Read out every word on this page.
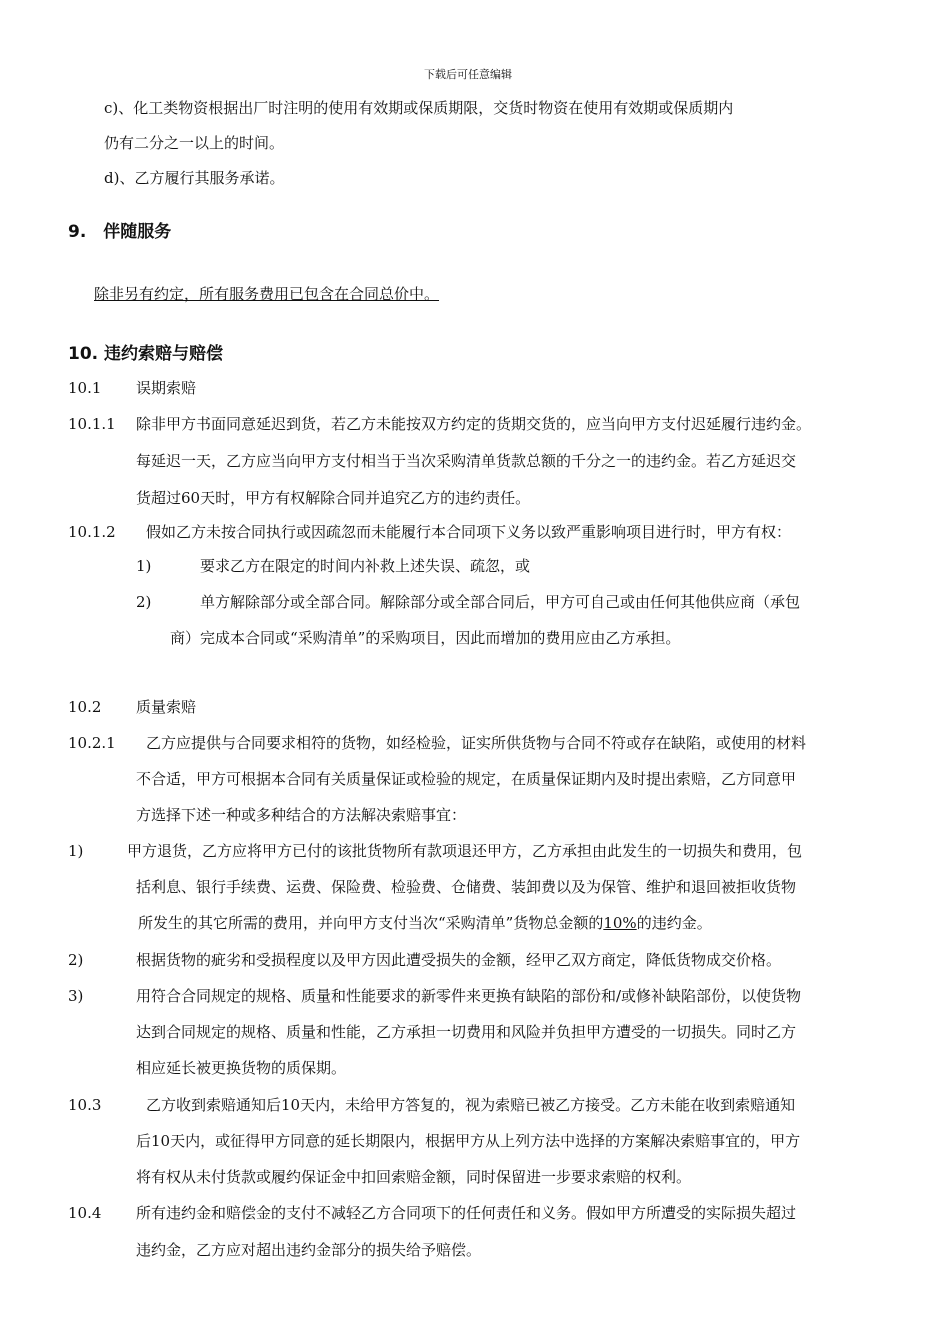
下载后可任意编辑
c)、化工类物资根据出厂时注明的使用有效期或保质期限，交货时物资在使用有效期或保质期内
仍有二分之一以上的时间。
d)、乙方履行其服务承诺。
9.　伴随服务
除非另有约定，所有服务费用已包含在合同总价中。
10. 违约索赔与赔偿
10.1 误期索赔
10.1.1 除非甲方书面同意延迟到货，若乙方未能按双方约定的货期交货的，应当向甲方支付迟延履行违约金。
每延迟一天，乙方应当向甲方支付相当于当次采购清单货款总额的千分之一的违约金。若乙方延迟交
货超过60天时，甲方有权解除合同并追究乙方的违约责任。
10.1.2 假如乙方未按合同执行或因疏忽而未能履行本合同项下义务以致严重影响项目进行时，甲方有权：
1)	要求乙方在限定的时间内补救上述失误、疏忽，或
2)	单方解除部分或全部合同。解除部分或全部合同后，甲方可自己或由任何其他供应商（承包
商）完成本合同或“采购清单”的采购项目，因此而增加的费用应由乙方承担。
10.2 质量索赔
10.2.1 乙方应提供与合同要求相符的货物，如经检验，证实所供货物与合同不符或存在缺陷，或使用的材料
不合适，甲方可根据本合同有关质量保证或检验的规定，在质量保证期内及时提出索赔，乙方同意甲
方选择下述一种或多种结合的方法解决索赔事宜：
1)	甲方退货，乙方应将甲方已付的该批货物所有款项退还甲方，乙方承担由此发生的一切损失和费用，包
括利息、银行手续费、运费、保险费、检验费、仓储费、装卸费以及为保管、维护和退回被拒收货物
所发生的其它所需的费用，并向甲方支付当次“采购清单”货物总金额的10%的违约金。
2)	根据货物的疵劣和受损程度以及甲方因此遭受损失的金额，经甲乙双方商定，降低货物成交价格。
3)	用符合合同规定的规格、质量和性能要求的新零件来更换有缺陷的部份和/或修补缺陷部份，以使货物
达到合同规定的规格、质量和性能，乙方承担一切费用和风险并负担甲方遭受的一切损失。同时乙方
相应延长被更换货物的质保期。
10.3	乙方收到索赔通知后10天内，未给甲方答复的，视为索赔已被乙方接受。乙方未能在收到索赔通知
后10天内，或征得甲方同意的延长期限内，根据甲方从上列方法中选择的方案解决索赔事宜的，甲方
将有权从未付货款或履约保证金中扣回索赔金额，同时保留进一步要求索赔的权利。
10.4 所有违约金和赔偿金的支付不减轻乙方合同项下的任何责任和义务。假如甲方所遭受的实际损失超过
违约金，乙方应对超出违约金部分的损失给予赔偿。
